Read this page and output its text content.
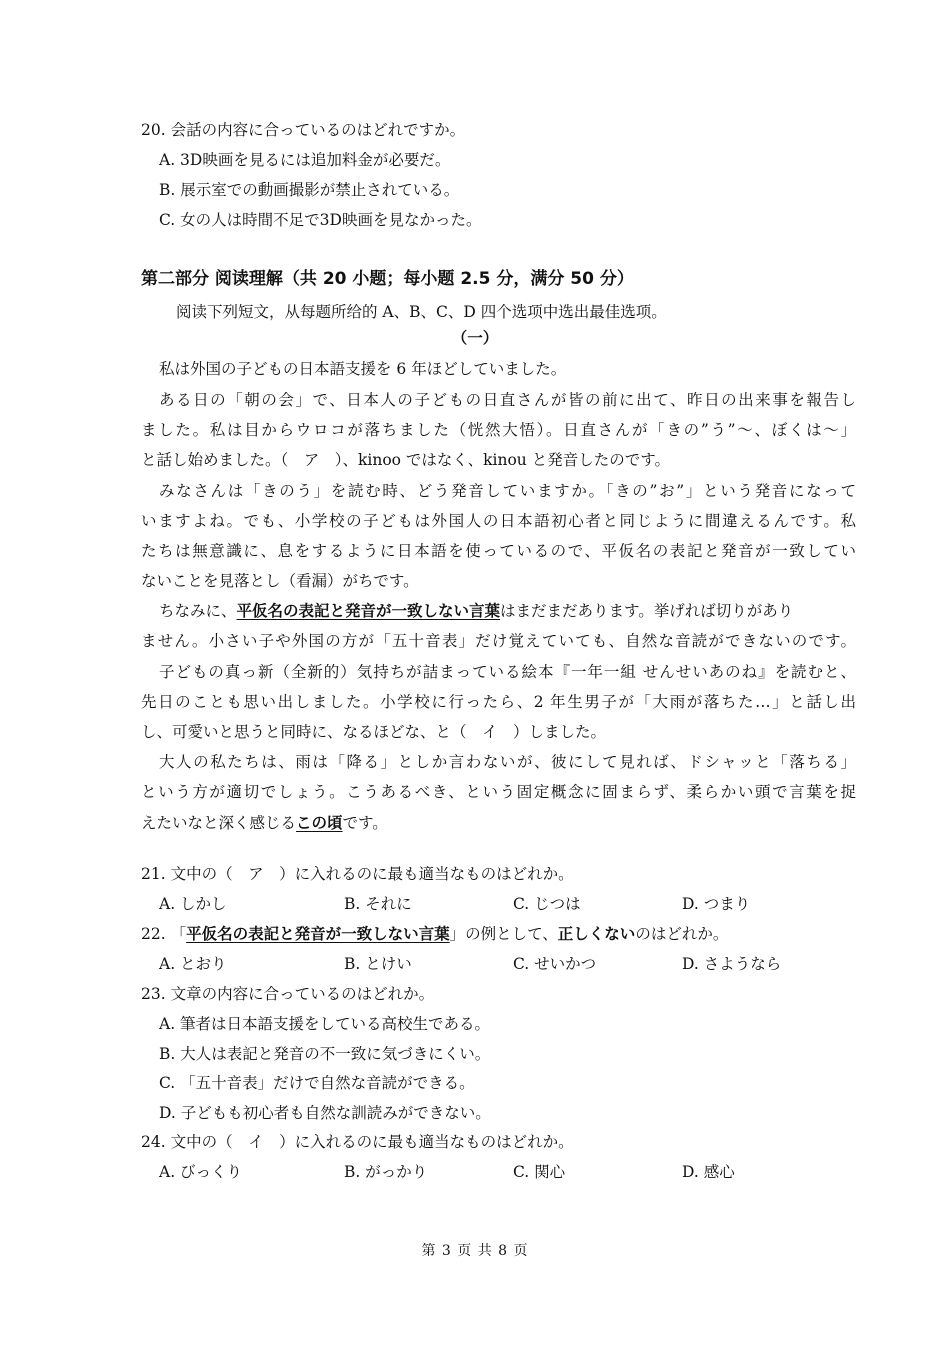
20. 会話の内容に合っているのはどれですか。
A. 3D映画を見るには追加料金が必要だ。
B. 展示室での動画撮影が禁止されている。
C. 女の人は時間不足で3D映画を見なかった。
第二部分 阅读理解（共 20 小题；每小题 2.5 分，满分 50 分）
阅读下列短文，从每题所给的 A、B、C、D 四个选项中选出最佳选项。
（一）
私は外国の子どもの日本語支援を 6 年ほどしていました。
ある日の「朝の会」で、日本人の子どもの日直さんが皆の前に出て、昨日の出来事を報告し
ました。私は目からウロコが落ちました（恍然大悟）。日直さんが「きの”う”～、ぼくは～」
と話し始めました。（　ア　）、kinoo ではなく、kinou と発音したのです。
みなさんは「きのう」を読む時、どう発音していますか。「きの”お”」という発音になって
いますよね。でも、小学校の子どもは外国人の日本語初心者と同じように間違えるんです。私
たちは無意識に、息をするように日本語を使っているので、平仮名の表記と発音が一致してい
ないことを見落とし（看漏）がちです。
ちなみに、平仮名の表記と発音が一致しない言葉はまだまだあります。挙げれば切りがあり
ません。小さい子や外国の方が「五十音表」だけ覚えていても、自然な音読ができないのです。
子どもの真っ新（全新的）気持ちが詰まっている絵本『一年一組 せんせいあのね』を読むと、
先日のことも思い出しました。小学校に行ったら、2 年生男子が「大雨が落ちた…」と話し出
し、可愛いと思うと同時に、なるほどな、と（　イ　）しました。
大人の私たちは、雨は「降る」としか言わないが、彼にして見れば、ドシャッと「落ちる」
という方が適切でしょう。こうあるべき、という固定概念に固まらず、柔らかい頭で言葉を捉
えたいなと深く感じるこの頃です。
21. 文中の（　ア　）に入れるのに最も適当なものはどれか。
A. しかし	B. それに	C. じつは	D. つまり
22. 「平仮名の表記と発音が一致しない言葉」の例として、正しくないのはどれか。
A. とおり	B. とけい	C. せいかつ	D. さようなら
23. 文章の内容に合っているのはどれか。
A. 筆者は日本語支援をしている高校生である。
B. 大人は表記と発音の不一致に気づきにくい。
C. 「五十音表」だけで自然な音読ができる。
D. 子どもも初心者も自然な訓読みができない。
24. 文中の（　イ　）に入れるのに最も適当なものはどれか。
A. びっくり	B. がっかり	C. 関心	D. 感心
第 3 页 共 8 页
